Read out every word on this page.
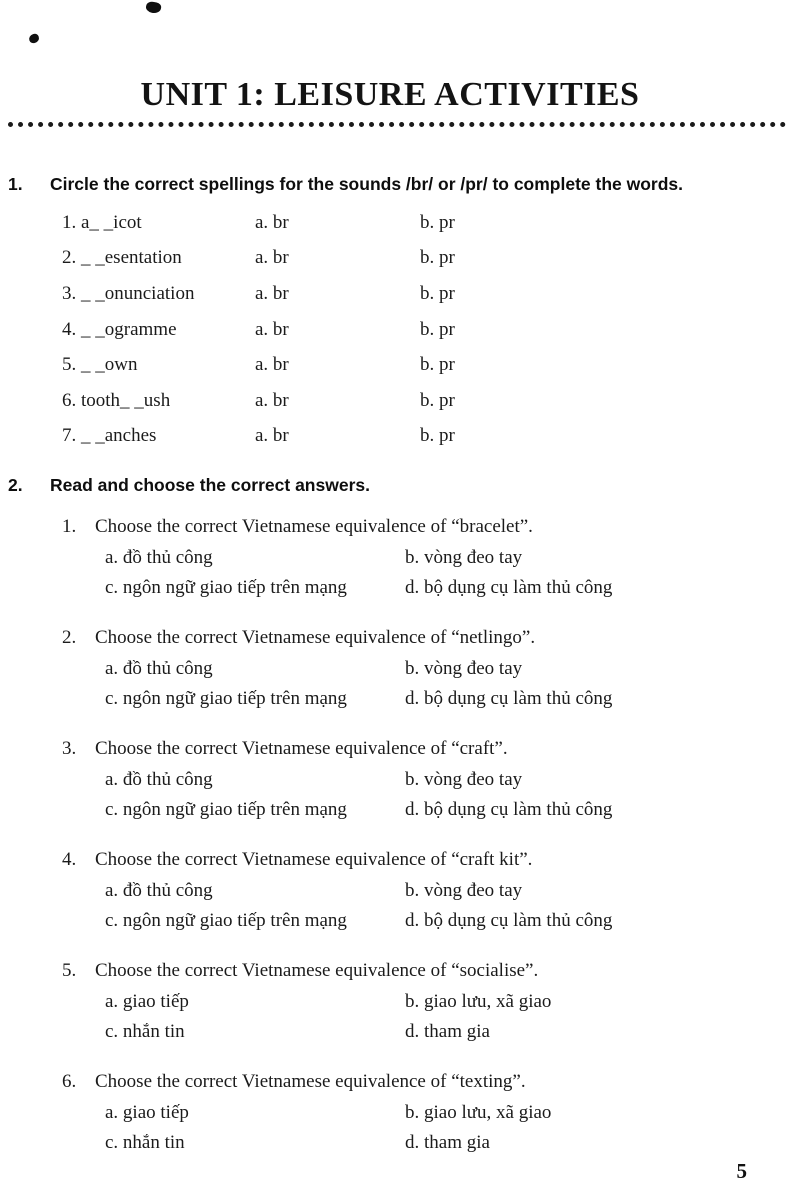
UNIT 1: LEISURE ACTIVITIES
1.	Circle the correct spellings for the sounds /br/ or /pr/ to complete the words.
1. a_ _icot	a. br	b. pr
2. _ _esentation	a. br	b. pr
3. _ _onunciation	a. br	b. pr
4. _ _ogramme	a. br	b. pr
5. _ _own	a. br	b. pr
6. tooth_ _ush	a. br	b. pr
7. _ _anches	a. br	b. pr
2.	Read and choose the correct answers.
1. Choose the correct Vietnamese equivalence of “bracelet”.
a. đồ thủ công	b. vòng đeo tay
c. ngôn ngữ giao tiếp trên mạng	d. bộ dụng cụ làm thủ công
2. Choose the correct Vietnamese equivalence of “netlingo”.
a. đồ thủ công	b. vòng đeo tay
c. ngôn ngữ giao tiếp trên mạng	d. bộ dụng cụ làm thủ công
3. Choose the correct Vietnamese equivalence of “craft”.
a. đồ thủ công	b. vòng đeo tay
c. ngôn ngữ giao tiếp trên mạng	d. bộ dụng cụ làm thủ công
4. Choose the correct Vietnamese equivalence of “craft kit”.
a. đồ thủ công	b. vòng đeo tay
c. ngôn ngữ giao tiếp trên mạng	d. bộ dụng cụ làm thủ công
5. Choose the correct Vietnamese equivalence of “socialise”.
a. giao tiếp	b. giao lưu, xã giao
c. nhắn tin	d. tham gia
6. Choose the correct Vietnamese equivalence of “texting”.
a. giao tiếp	b. giao lưu, xã giao
c. nhắn tin	d. tham gia
5
